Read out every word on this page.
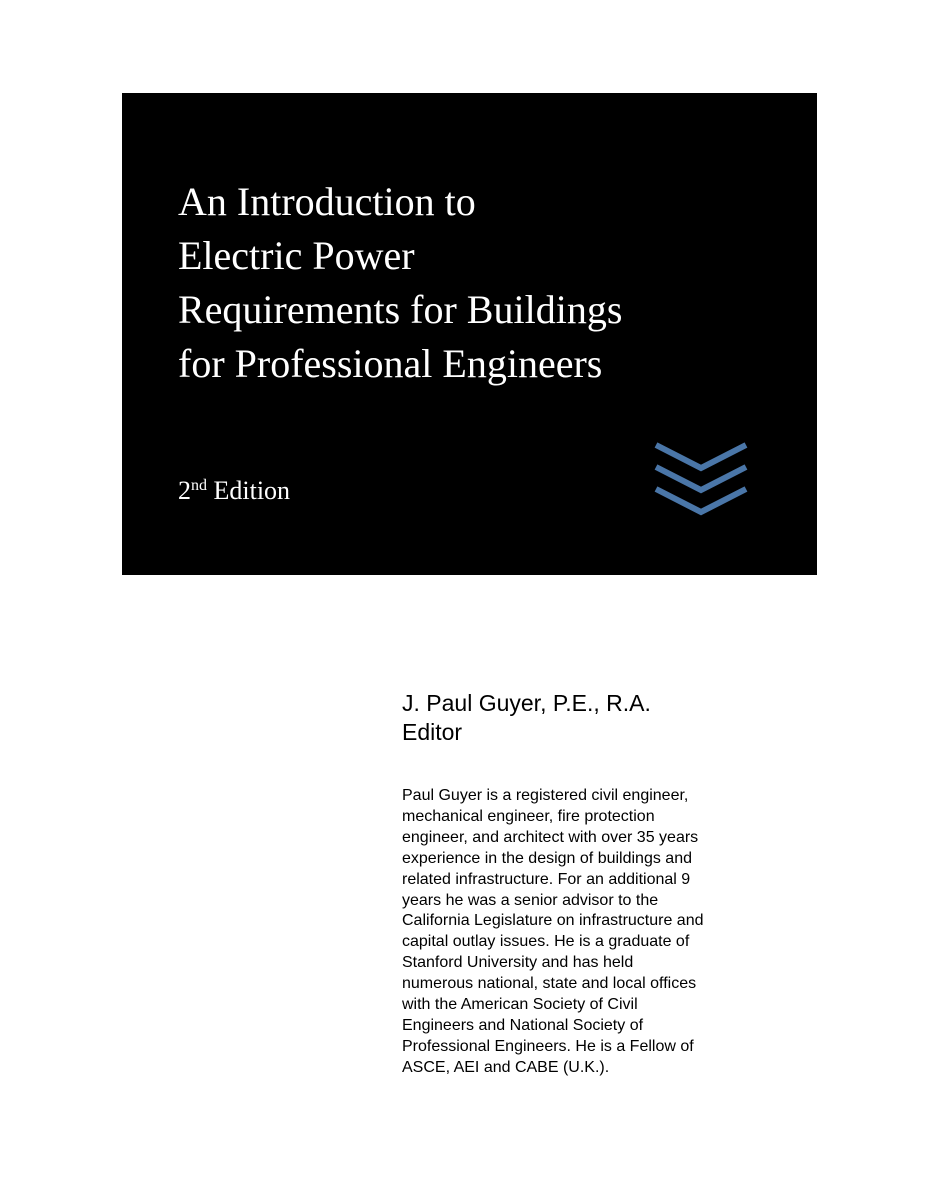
An Introduction to
Electric Power
Requirements for Buildings
for Professional Engineers
2nd Edition
J. Paul Guyer, P.E., R.A.
Editor
Paul Guyer is a registered civil engineer,
mechanical engineer, fire protection
engineer, and architect with over 35 years
experience in the design of buildings and
related infrastructure. For an additional 9
years he was a senior advisor to the
California Legislature on infrastructure and
capital outlay issues. He is a graduate of
Stanford University and has held
numerous national, state and local offices
with the American Society of Civil
Engineers and National Society of
Professional Engineers. He is a Fellow of
ASCE, AEI and CABE (U.K.).
